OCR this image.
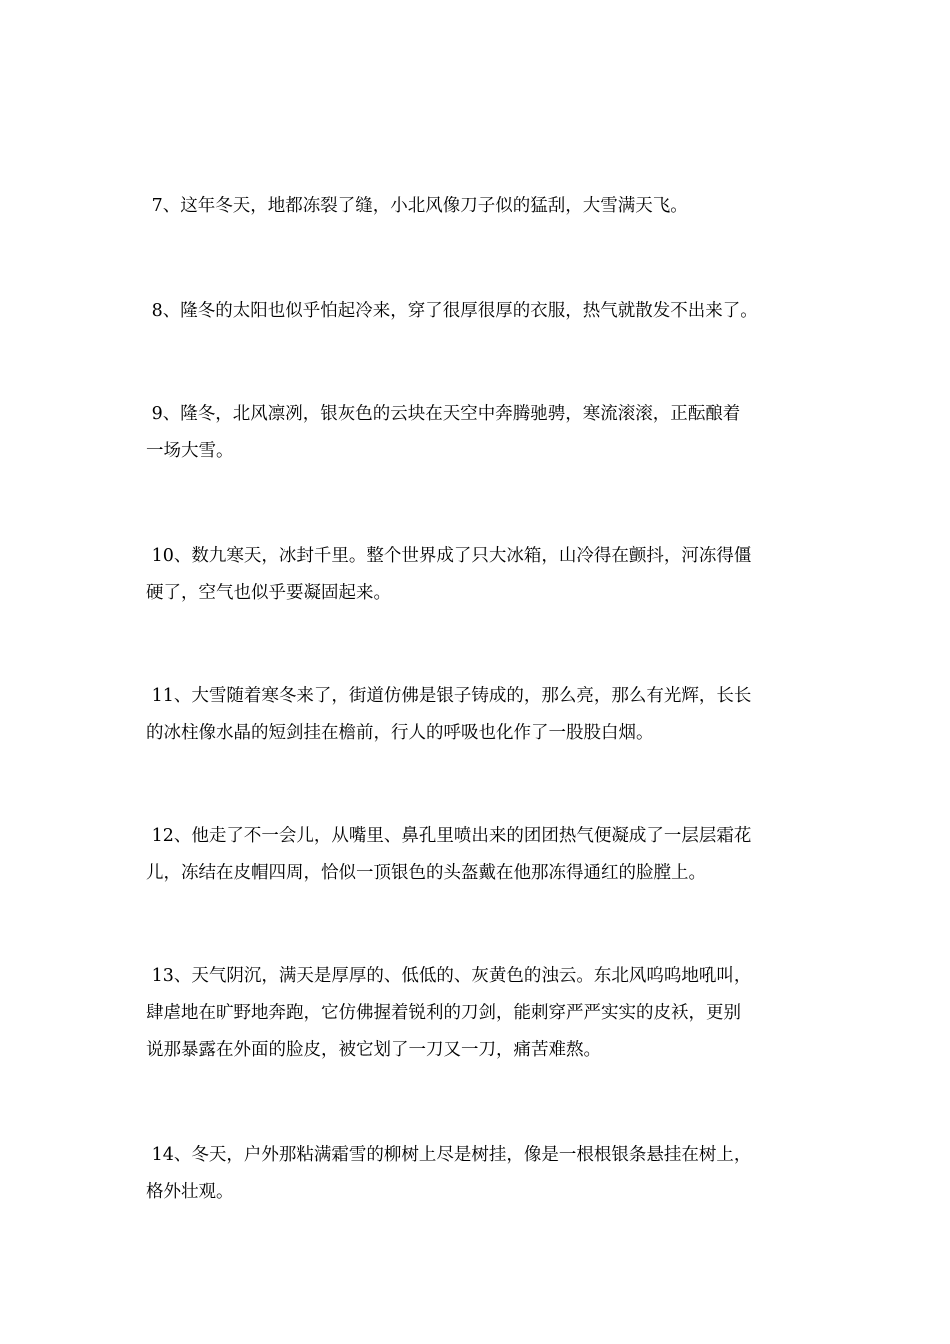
7、这年冬天，地都冻裂了缝，小北风像刀子似的猛刮，大雪满天飞。

8、隆冬的太阳也似乎怕起冷来，穿了很厚很厚的衣服，热气就散发不出来了。

9、隆冬，北风凛冽，银灰色的云块在天空中奔腾驰骋，寒流滚滚，正酝酿着
一场大雪。

10、数九寒天，冰封千里。整个世界成了只大冰箱，山冷得在颤抖，河冻得僵
硬了，空气也似乎要凝固起来。

11、大雪随着寒冬来了，街道仿佛是银子铸成的，那么亮，那么有光辉，长长
的冰柱像水晶的短剑挂在檐前，行人的呼吸也化作了一股股白烟。

12、他走了不一会儿，从嘴里、鼻孔里喷出来的团团热气便凝成了一层层霜花
儿，冻结在皮帽四周，恰似一顶银色的头盔戴在他那冻得通红的脸膛上。

13、天气阴沉，满天是厚厚的、低低的、灰黄色的浊云。东北风呜呜地吼叫，
肆虐地在旷野地奔跑，它仿佛握着锐利的刀剑，能刺穿严严实实的皮袄，更别
说那暴露在外面的脸皮，被它划了一刀又一刀，痛苦难熬。

14、冬天，户外那粘满霜雪的柳树上尽是树挂，像是一根根银条悬挂在树上，
格外壮观。
